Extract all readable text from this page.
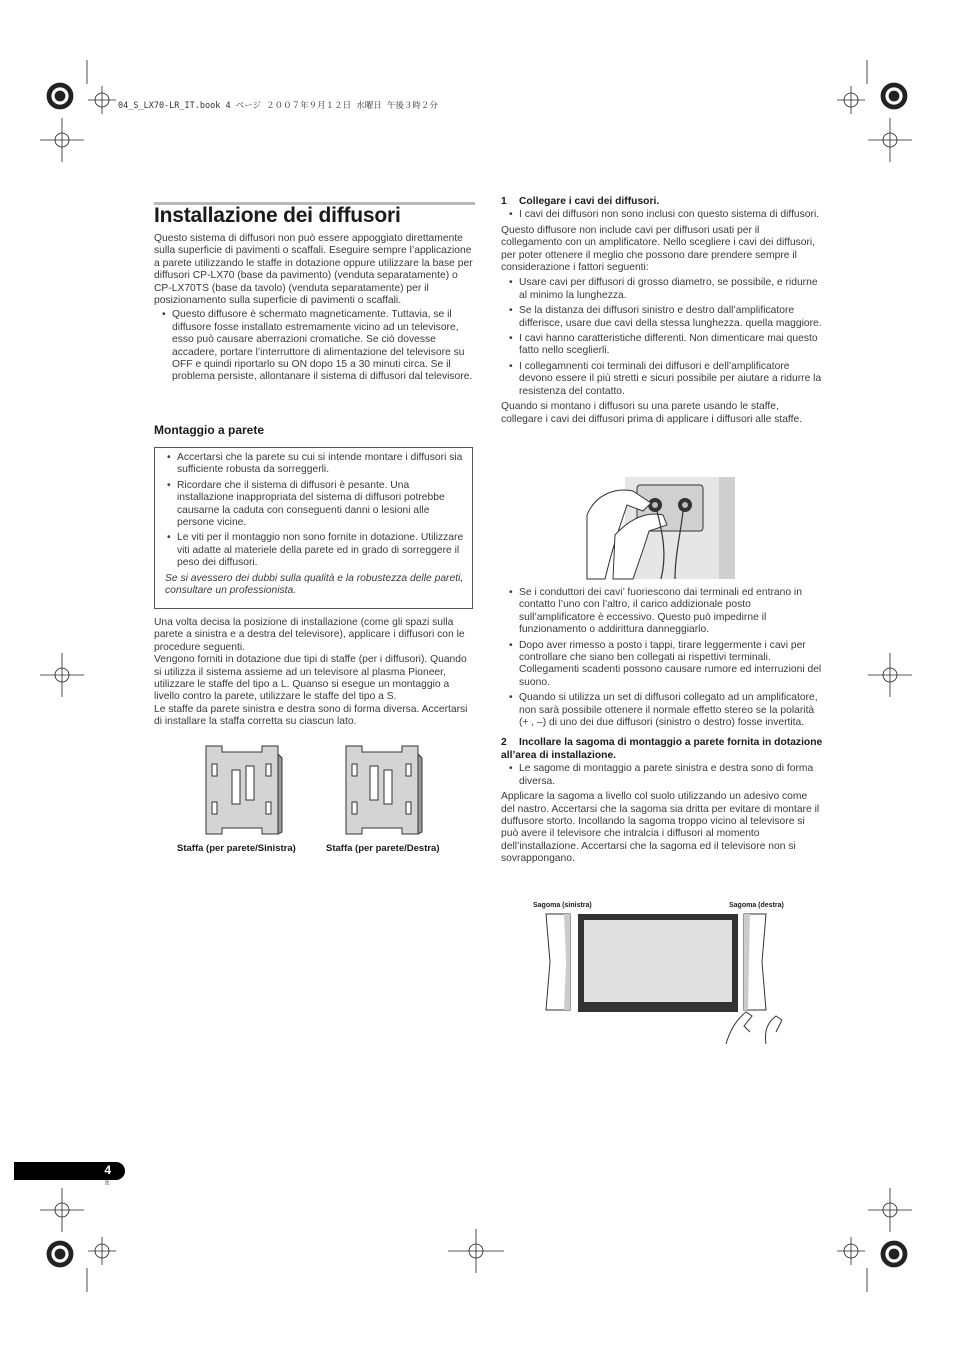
04_S_LX70-LR_IT.book 4 ページ ２００７年９月１２日 水曜日 午後３時２分
Installazione dei diffusori

Questo sistema di diffusori non può essere appoggiato direttamente sulla superficie di pavimenti o scaffali. Eseguire sempre l’applicazione a parete utilizzando le staffe in dotazione oppure utilizzare la base per diffusori CP-LX70 (base da pavimento) (venduta separatamente) o CP-LX70TS (base da tavolo) (venduta separatamente) per il posizionamento sulla superficie di pavimenti o scaffali.

• Questo diffusore è schermato magneticamente. Tuttavia, se il diffusore fosse installato estremamente vicino ad un televisore, esso può causare aberrazioni cromatiche. Se ciò dovesse accadere, portare l’interruttore di alimentazione del televisore su OFF e quindi riportarlo su ON dopo 15 a 30 minuti circa. Se il problema persiste, allontanare il sistema di diffusori dal televisore.
Montaggio a parete
• Accertarsi che la parete su cui si intende montare i diffusori sia sufficiente robusta da sorreggerli.
• Ricordare che il sistema di diffusori è pesante. Una installazione inappropriata del sistema di diffusori potrebbe causarne la caduta con conseguenti danni o lesioni alle persone vicine.
• Le viti per il montaggio non sono fornite in dotazione. Utilizzare viti adatte al materiele della parete ed in grado di sorreggere il peso dei diffusori.

Se si avessero dei dubbi sulla qualità e la robustezza delle pareti, consultare un professionista.

Una volta decisa la posizione di installazione (come gli spazi sulla parete a sinistra e a destra del televisore), applicare i diffusori con le procedure seguenti.

Vengono forniti in dotazione due tipi di staffe (per i diffusori). Quando si utilizza il sistema assieme ad un televisore al plasma Pioneer, utilizzare le staffe del tipo a L. Quanso si esegue un montaggio a livello contro la parete, utilizzare le staffe del tipo a S.

Le staffe da parete sinistra e destra sono di forma diversa. Accertarsi di installare la staffa corretta su ciascun lato.

Staffa (per parete/Sinistra)	Staffa (per parete/Destra)

1 Collegare i cavi dei diffusori.

• I cavi dei diffusori non sono inclusi con questo sistema di diffusori.

Questo diffusore non include cavi per diffusori usati per il collegamento con un amplificatore. Nello scegliere i cavi dei diffusori, per poter ottenere il meglio che possono dare prendere sempre il considerazione i fattori seguenti:

• Usare cavi per diffusori di grosso diametro, se possibile, e ridurne al minimo la lunghezza.
• Se la distanza dei diffusori sinistro e destro dall’amplificatore differisce, usare due cavi della stessa lunghezza. quella maggiore.
• I cavi hanno caratteristiche differenti. Non dimenticare mai questo fatto nello sceglierli.
• I collegamnenti coi terminali dei diffusori e dell’amplificatore devono essere il più stretti e sicuri possibile per aiutare a ridurre la resistenza del contatto.

Quando si montano i diffusori su una parete usando le staffe, collegare i cavi dei diffusori prima di applicare i diffusori alle staffe.

• Se i conduttori dei cavi’ fuoriescono dai terminali ed entrano in contatto l’uno con l’altro, il carico addizionale posto sull’amplificatore è eccessivo. Questo può impedirne il funzionamento o addirittura danneggiarlo.
• Dopo aver rimesso a posto i tappi, tirare leggermente i cavi per controllare che siano ben collegati ai rispettivi terminali. Collegamenti scadenti possono causare rumore ed interruzioni del suono.
• Quando si utilizza un set di diffusori collegato ad un amplificatore, non sarà possibile ottenere il normale effetto stereo se la polarità (+ , –) di uno dei due diffusori (sinistro o destro) fosse invertita.

2 Incollare la sagoma di montaggio a parete fornita in dotazione all’area di installazione.

• Le sagome di montaggio a parete sinistra e destra sono di forma diversa.

Applicare la sagoma a livello col suolo utilizzando un adesivo come del nastro. Accertarsi che la sagoma sia dritta per evitare di montare il duffusore storto. Incollando la sagoma troppo vicino al televisore si può avere il televisore che intralcia i diffusori al momento dell’installazione. Accertarsi che la sagoma ed il televisore non si sovrappongano.

Sagoma (sinistra)	Sagoma (destra)
4
It
